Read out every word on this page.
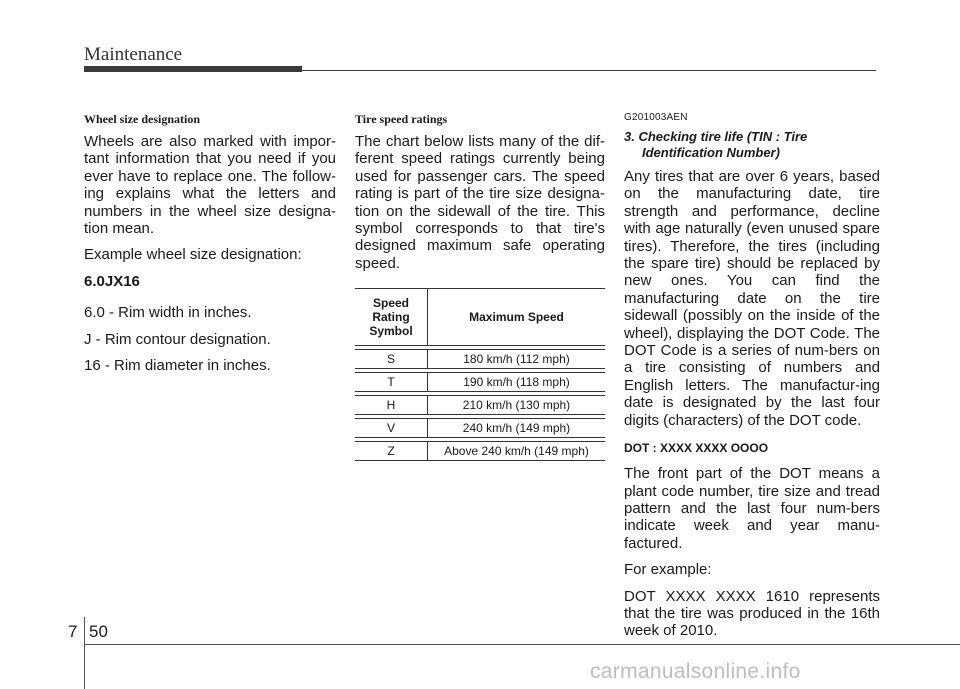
Maintenance
Wheel size designation

Wheels are also marked with impor-tant information that you need if you ever have to replace one. The follow-ing explains what the letters and numbers in the wheel size designa-tion mean.

Example wheel size designation:

6.0JX16

6.0 - Rim width in inches.

J - Rim contour designation.

16 - Rim diameter in inches.

Tire speed ratings

The chart below lists many of the dif-ferent speed ratings currently being used for passenger cars. The speed rating is part of the tire size designa-tion on the sidewall of the tire. This symbol corresponds to that tire's designed maximum safe operating speed.

Speed Rating Symbol	Maximum Speed

S	180 km/h (112 mph)

T	190 km/h (118 mph)

H	210 km/h (130 mph)

V	240 km/h (149 mph)

Z	Above 240 km/h (149 mph)
G201003AEN

3. Checking tire life (TIN : Tire Identification Number)

Any tires that are over 6 years, based on the manufacturing date, tire strength and performance, decline with age naturally (even unused spare tires). Therefore, the tires (including the spare tire) should be replaced by new ones. You can find the manufacturing date on the tire sidewall (possibly on the inside of the wheel), displaying the DOT Code. The DOT Code is a series of num-bers on a tire consisting of numbers and English letters. The manufactur-ing date is designated by the last four digits (characters) of the DOT code.

DOT : XXXX XXXX OOOO

The front part of the DOT means a plant code number, tire size and tread pattern and the last four num-bers indicate week and year manu-factured.

For example:

DOT XXXX XXXX 1610 represents that the tire was produced in the 16th week of 2010.

7 50
carmanualsonline.info
